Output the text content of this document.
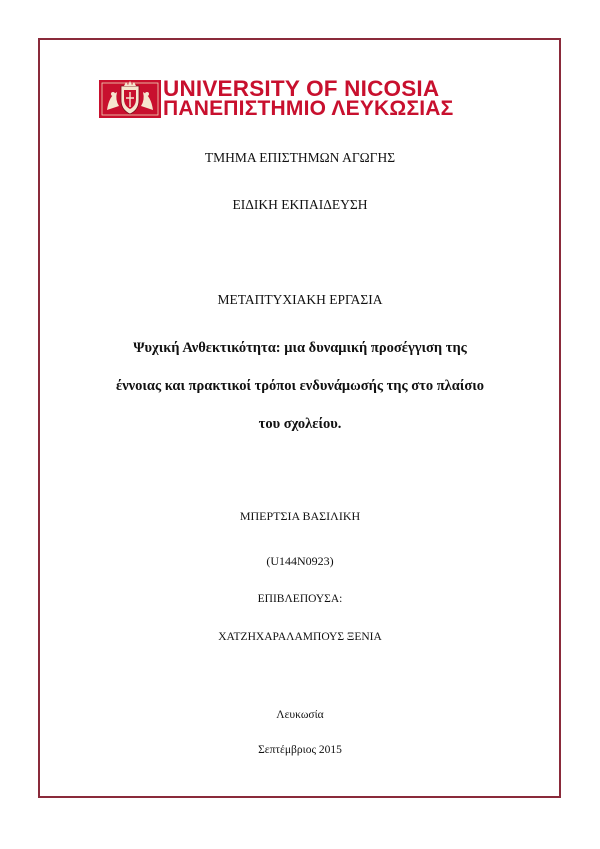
UNIVERSITY OF NICOSIA
ΠΑΝΕΠΙΣΤΗΜΙΟ ΛΕΥΚΩΣΙΑΣ
ΤΜΗΜΑ ΕΠΙΣΤΗΜΩΝ ΑΓΩΓΗΣ
ΕΙΔΙΚΗ ΕΚΠΑΙΔΕΥΣΗ
ΜΕΤΑΠΤΥΧΙΑΚΗ ΕΡΓΑΣΙΑ
Ψυχική Ανθεκτικότητα: μια δυναμική προσέγγιση της
έννοιας και πρακτικοί τρόποι ενδυνάμωσής της στο πλαίσιο
του σχολείου.
ΜΠΕΡΤΣΙΑ ΒΑΣΙΛΙΚΗ
(U144N0923)
ΕΠΙΒΛΕΠΟΥΣΑ:
ΧΑΤΖΗΧΑΡΑΛΑΜΠΟΥΣ ΞΕΝΙΑ
Λευκωσία
Σεπτέμβριος 2015
